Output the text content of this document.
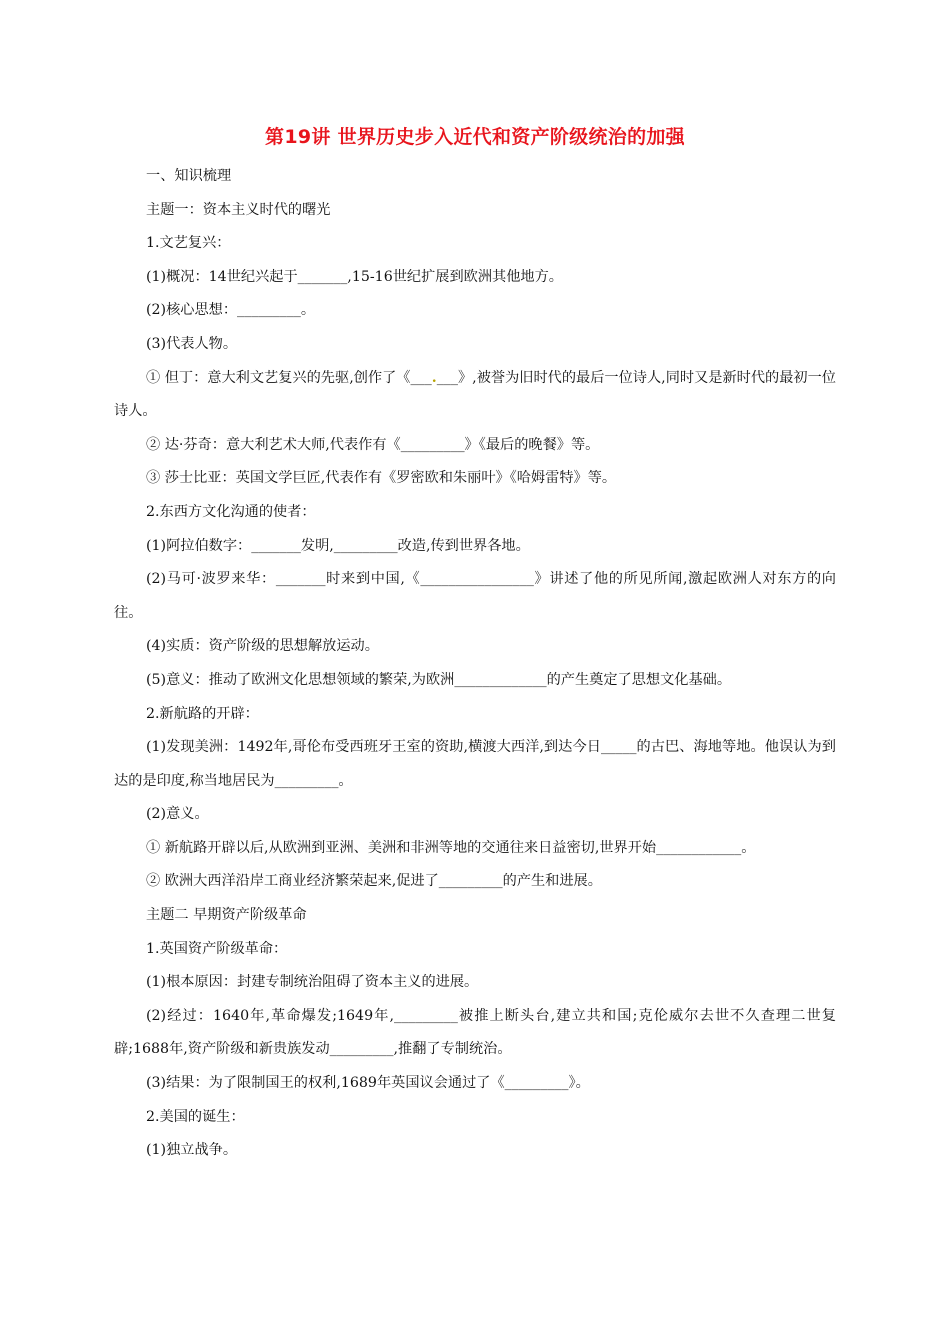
第19讲 世界历史步入近代和资产阶级统治的加强
一、知识梳理
主题一：资本主义时代的曙光
1.文艺复兴：
(1)概况：14世纪兴起于_______,15-16世纪扩展到欧洲其他地方。
(2)核心思想：_________。
(3)代表人物。
① 但丁：意大利文艺复兴的先驱,创作了《___.___》,被誉为旧时代的最后一位诗人,同时又是新时代的最初一位诗人。
② 达·芬奇：意大利艺术大师,代表作有《_________》《最后的晚餐》等。
③ 莎士比亚：英国文学巨匠,代表作有《罗密欧和朱丽叶》《哈姆雷特》等。
2.东西方文化沟通的使者：
(1)阿拉伯数字：_______发明,_________改造,传到世界各地。
(2)马可·波罗来华：_______时来到中国,《________________》讲述了他的所见所闻,激起欧洲人对东方的向往。
(4)实质：资产阶级的思想解放运动。
(5)意义：推动了欧洲文化思想领域的繁荣,为欧洲_____________的产生奠定了思想文化基础。
2.新航路的开辟：
(1)发现美洲：1492年,哥伦布受西班牙王室的资助,横渡大西洋,到达今日_____的古巴、海地等地。他误认为到达的是印度,称当地居民为_________。
(2)意义。
① 新航路开辟以后,从欧洲到亚洲、美洲和非洲等地的交通往来日益密切,世界开始____________。
② 欧洲大西洋沿岸工商业经济繁荣起来,促进了_________的产生和进展。
主题二 早期资产阶级革命
1.英国资产阶级革命：
(1)根本原因：封建专制统治阻碍了资本主义的进展。
(2)经过：1640年,革命爆发;1649年,_________被推上断头台,建立共和国;克伦威尔去世不久查理二世复辟;1688年,资产阶级和新贵族发动_________,推翻了专制统治。
(3)结果：为了限制国王的权利,1689年英国议会通过了《_________》。
2.美国的诞生：
(1)独立战争。
